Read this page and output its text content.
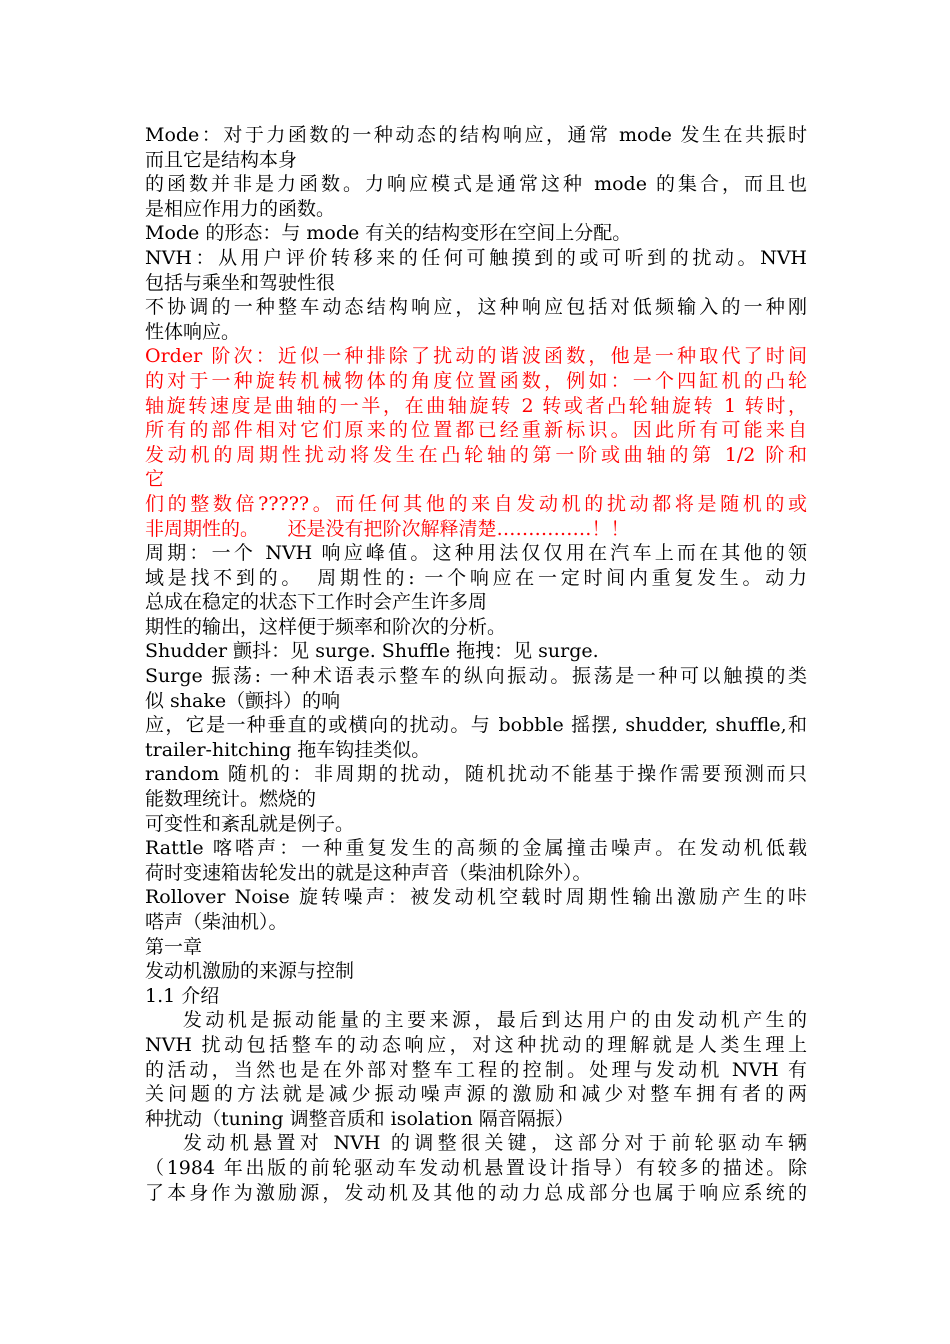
Mode：对于力函数的一种动态的结构响应，通常 mode 发生在共振时
而且它是结构本身
的函数并非是力函数。力响应模式是通常这种 mode 的集合，而且也
是相应作用力的函数。
Mode 的形态：与 mode 有关的结构变形在空间上分配。
NVH：从用户评价转移来的任何可触摸到的或可听到的扰动。NVH
包括与乘坐和驾驶性很
不协调的一种整车动态结构响应，这种响应包括对低频输入的一种刚
性体响应。
Order 阶次：近似一种排除了扰动的谐波函数，他是一种取代了时间
的对于一种旋转机械物体的角度位置函数，例如：一个四缸机的凸轮
轴旋转速度是曲轴的一半，在曲轴旋转 2 转或者凸轮轴旋转 1 转时，
所有的部件相对它们原来的位置都已经重新标识。因此所有可能来自
发动机的周期性扰动将发生在凸轮轴的第一阶或曲轴的第 1/2 阶和
它
们的整数倍?????。而任何其他的来自发动机的扰动都将是随机的或
非周期性的。　　还是没有把阶次解释清楚……………！！
周期：一个 NVH 响应峰值。这种用法仅仅用在汽车上而在其他的领
域是找不到的。　周期性的: 一个响应在一定时间内重复发生。动力
总成在稳定的状态下工作时会产生许多周
期性的输出，这样便于频率和阶次的分析。
Shudder 颤抖：见 surge. Shuffle 拖拽：见 surge.
Surge 振荡: 一种术语表示整车的纵向振动。振荡是一种可以触摸的类
似 shake（颤抖）的响
应，它是一种垂直的或横向的扰动。与 bobble 摇摆, shudder, shuffle,和
trailer-hitching 拖车钩挂类似。
random 随机的：非周期的扰动，随机扰动不能基于操作需要预测而只
能数理统计。燃烧的
可变性和紊乱就是例子。
Rattle 喀嗒声：一种重复发生的高频的金属撞击噪声。在发动机低载
荷时变速箱齿轮发出的就是这种声音（柴油机除外）。
Rollover Noise 旋转噪声：被发动机空载时周期性输出激励产生的咔
嗒声（柴油机）。
第一章
发动机激励的来源与控制
1.1 介绍
发动机是振动能量的主要来源，最后到达用户的由发动机产生的
NVH 扰动包括整车的动态响应，对这种扰动的理解就是人类生理上
的活动，当然也是在外部对整车工程的控制。处理与发动机 NVH 有
关问题的方法就是减少振动噪声源的激励和减少对整车拥有者的两
种扰动（tuning 调整音质和 isolation 隔音隔振）
发动机悬置对 NVH 的调整很关键，这部分对于前轮驱动车辆
（1984 年出版的前轮驱动车发动机悬置设计指导）有较多的描述。除
了本身作为激励源，发动机及其他的动力总成部分也属于响应系统的
